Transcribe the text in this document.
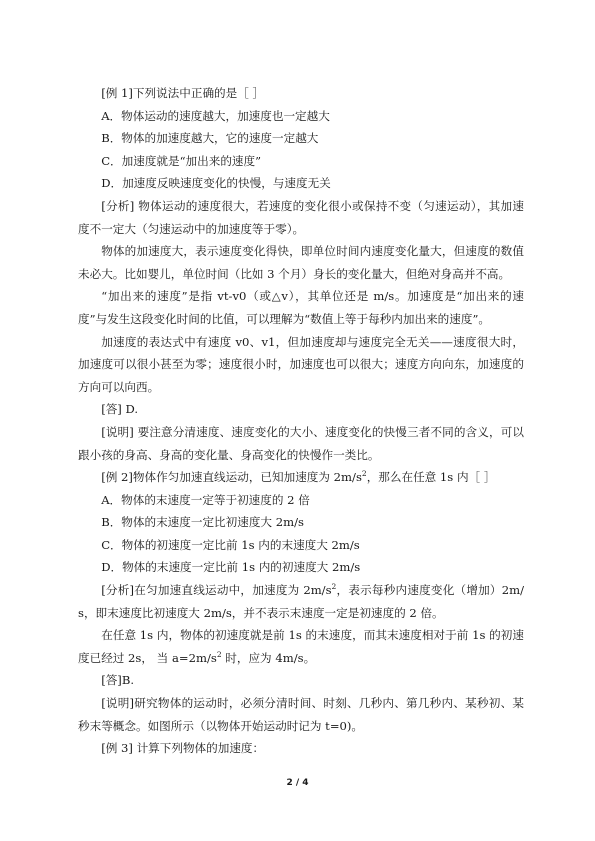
[例 1]下列说法中正确的是［ ］

A．物体运动的速度越大，加速度也一定越大

B．物体的加速度越大，它的速度一定越大

C．加速度就是“加出来的速度”

D．加速度反映速度变化的快慢，与速度无关

[分析] 物体运动的速度很大，若速度的变化很小或保持不变（匀速运动），其加速度不一定大（匀速运动中的加速度等于零）。

物体的加速度大，表示速度变化得快，即单位时间内速度变化量大，但速度的数值未必大。比如婴儿，单位时间（比如 3 个月）身长的变化量大，但绝对身高并不高。

“加出来的速度”是指 vt-v0（或△v），其单位还是 m/s。加速度是“加出来的速度”与发生这段变化时间的比值，可以理解为“数值上等于每秒内加出来的速度”。

加速度的表达式中有速度 v0、v1，但加速度却与速度完全无关——速度很大时，加速度可以很小甚至为零；速度很小时，加速度也可以很大；速度方向向东，加速度的方向可以向西。

[答] D.

[说明] 要注意分清速度、速度变化的大小、速度变化的快慢三者不同的含义，可以跟小孩的身高、身高的变化量、身高变化的快慢作一类比。

[例 2]物体作匀加速直线运动，已知加速度为 $2m/s^2$，那么在任意 1s 内［ ］

A．物体的末速度一定等于初速度的 2 倍

B．物体的末速度一定比初速度大 2m/s

C．物体的初速度一定比前 1s 内的末速度大 2m/s

D．物体的末速度一定比前 1s 内的初速度大 2m/s

[分析]在匀加速直线运动中，加速度为 $2m/s^2$，表示每秒内速度变化（增加）2m/s，即末速度比初速度大 2m/s，并不表示末速度一定是初速度的 2 倍。

在任意 1s 内，物体的初速度就是前 1s 的末速度，而其末速度相对于前 1s 的初速度已经过 2s， 当 $a=2m/s^2$ 时，应为 4m/s。

[答]B.

[说明]研究物体的运动时，必须分清时间、时刻、几秒内、第几秒内、某秒初、某秒末等概念。如图所示（以物体开始运动时记为 t=0)。

[例 3] 计算下列物体的加速度：

2 / 4
